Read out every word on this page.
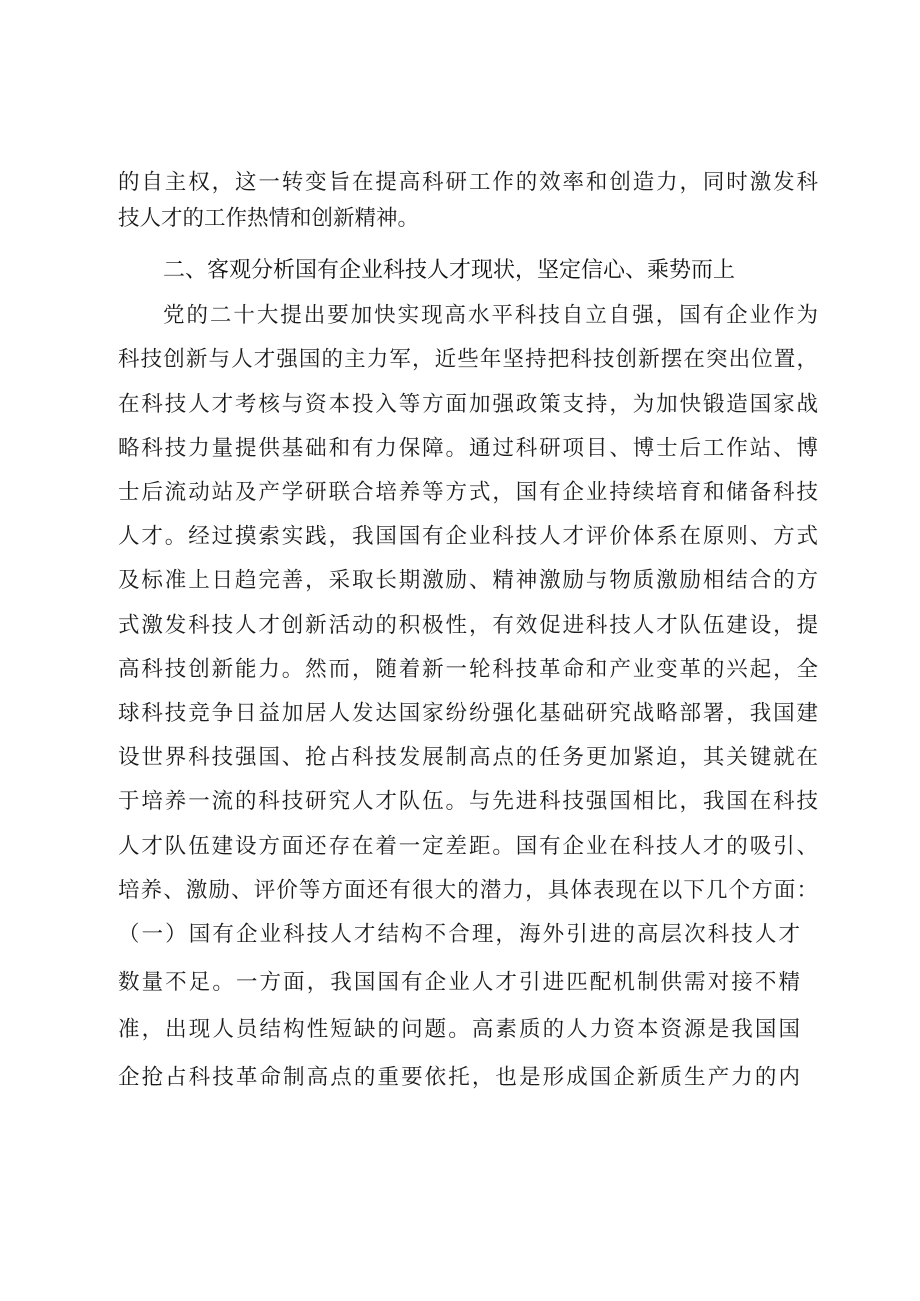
的自主权，这一转变旨在提高科研工作的效率和创造力，同时激发科
技人才的工作热情和创新精神。
二、客观分析国有企业科技人才现状，坚定信心、乘势而上
党的二十大提出要加快实现高水平科技自立自强，国有企业作为
科技创新与人才强国的主力军，近些年坚持把科技创新摆在突出位置，
在科技人才考核与资本投入等方面加强政策支持，为加快锻造国家战
略科技力量提供基础和有力保障。通过科研项目、博士后工作站、博
士后流动站及产学研联合培养等方式，国有企业持续培育和储备科技
人才。经过摸索实践，我国国有企业科技人才评价体系在原则、方式
及标准上日趋完善，采取长期激励、精神激励与物质激励相结合的方
式激发科技人才创新活动的积极性，有效促进科技人才队伍建设，提
高科技创新能力。然而，随着新一轮科技革命和产业变革的兴起，全
球科技竞争日益加居人发达国家纷纷强化基础研究战略部署，我国建
设世界科技强国、抢占科技发展制高点的任务更加紧迫，其关键就在
于培养一流的科技研究人才队伍。与先进科技强国相比，我国在科技
人才队伍建设方面还存在着一定差距。国有企业在科技人才的吸引、
培养、激励、评价等方面还有很大的潜力，具体表现在以下几个方面：
（一）国有企业科技人才结构不合理，海外引进的高层次科技人才
数量不足。一方面，我国国有企业人才引进匹配机制供需对接不精
准，出现人员结构性短缺的问题。高素质的人力资本资源是我国国
企抢占科技革命制高点的重要依托，也是形成国企新质生产力的内
